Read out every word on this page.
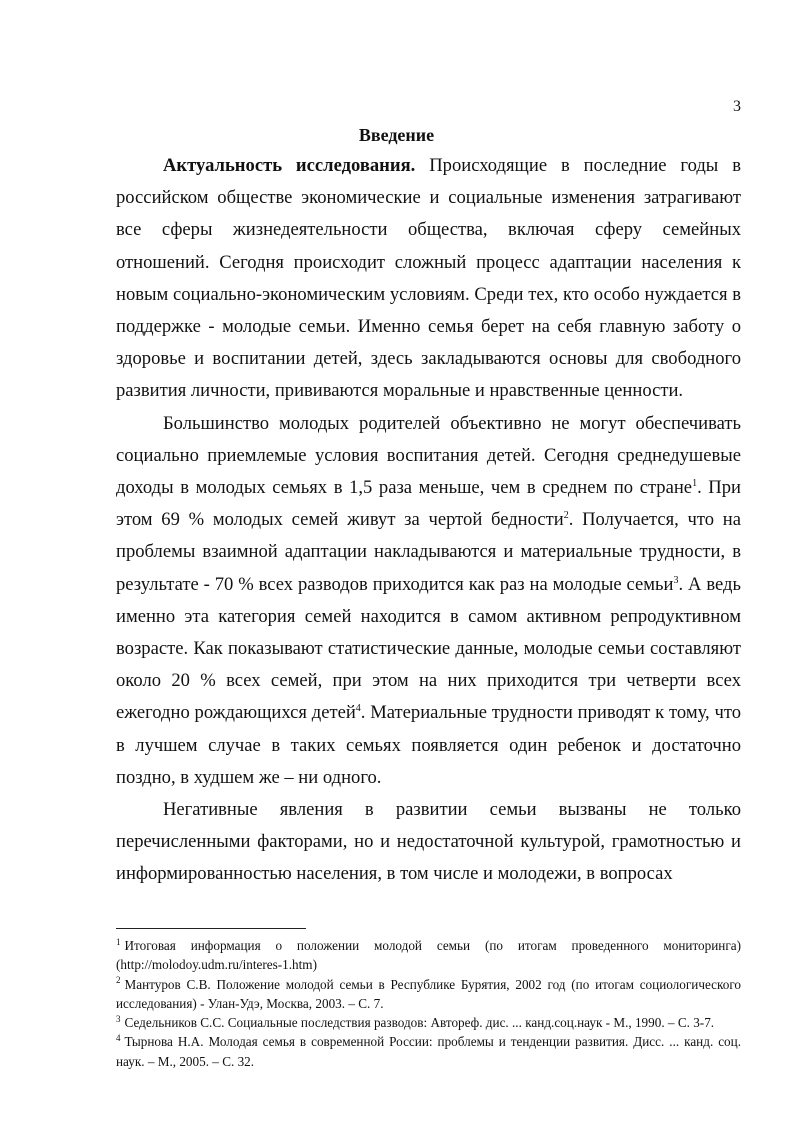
3
Введение

Актуальность исследования. Происходящие в последние годы в российском обществе экономические и социальные изменения затрагивают все сферы жизнедеятельности общества, включая сферу семейных отношений. Сегодня происходит сложный процесс адаптации населения к новым социально-экономическим условиям. Среди тех, кто особо нуждается в поддержке - молодые семьи. Именно семья берет на себя главную заботу о здоровье и воспитании детей, здесь закладываются основы для свободного развития личности, прививаются моральные и нравственные ценности.

Большинство молодых родителей объективно не могут обеспечивать социально приемлемые условия воспитания детей. Сегодня среднедушевые доходы в молодых семьях в 1,5 раза меньше, чем в среднем по стране$^1$. При этом 69 % молодых семей живут за чертой бедности$^2$. Получается, что на проблемы взаимной адаптации накладываются и материальные трудности, в результате - 70 % всех разводов приходится как раз на молодые семьи$^3$. А ведь именно эта категория семей находится в самом активном репродуктивном возрасте. Как показывают статистические данные, молодые семьи составляют около 20 % всех семей, при этом на них приходится три четверти всех ежегодно рождающихся детей$^4$. Материальные трудности приводят к тому, что в лучшем случае в таких семьях появляется один ребенок и достаточно поздно, в худшем же – ни одного.

Негативные явления в развитии семьи вызваны не только перечисленными факторами, но и недостаточной культурой, грамотностью и информированностью населения, в том числе и молодежи, в вопросах

$^1$ Итоговая информация о положении молодой семьи (по итогам проведенного мониторинга) (http://molodoy.udm.ru/interes-1.htm)

$^2$ Мантуров С.В. Положение молодой семьи в Республике Бурятия, 2002 год (по итогам социологического исследования) - Улан-Удэ, Москва, 2003. – С. 7.

$^3$ Седельников С.С. Социальные последствия разводов: Автореф. дис. ... канд.соц.наук - М., 1990. – С. 3-7.

$^4$ Тырнова Н.А. Молодая семья в современной России: проблемы и тенденции развития. Дисс. ... канд. соц. наук. – М., 2005. – С. 32.
